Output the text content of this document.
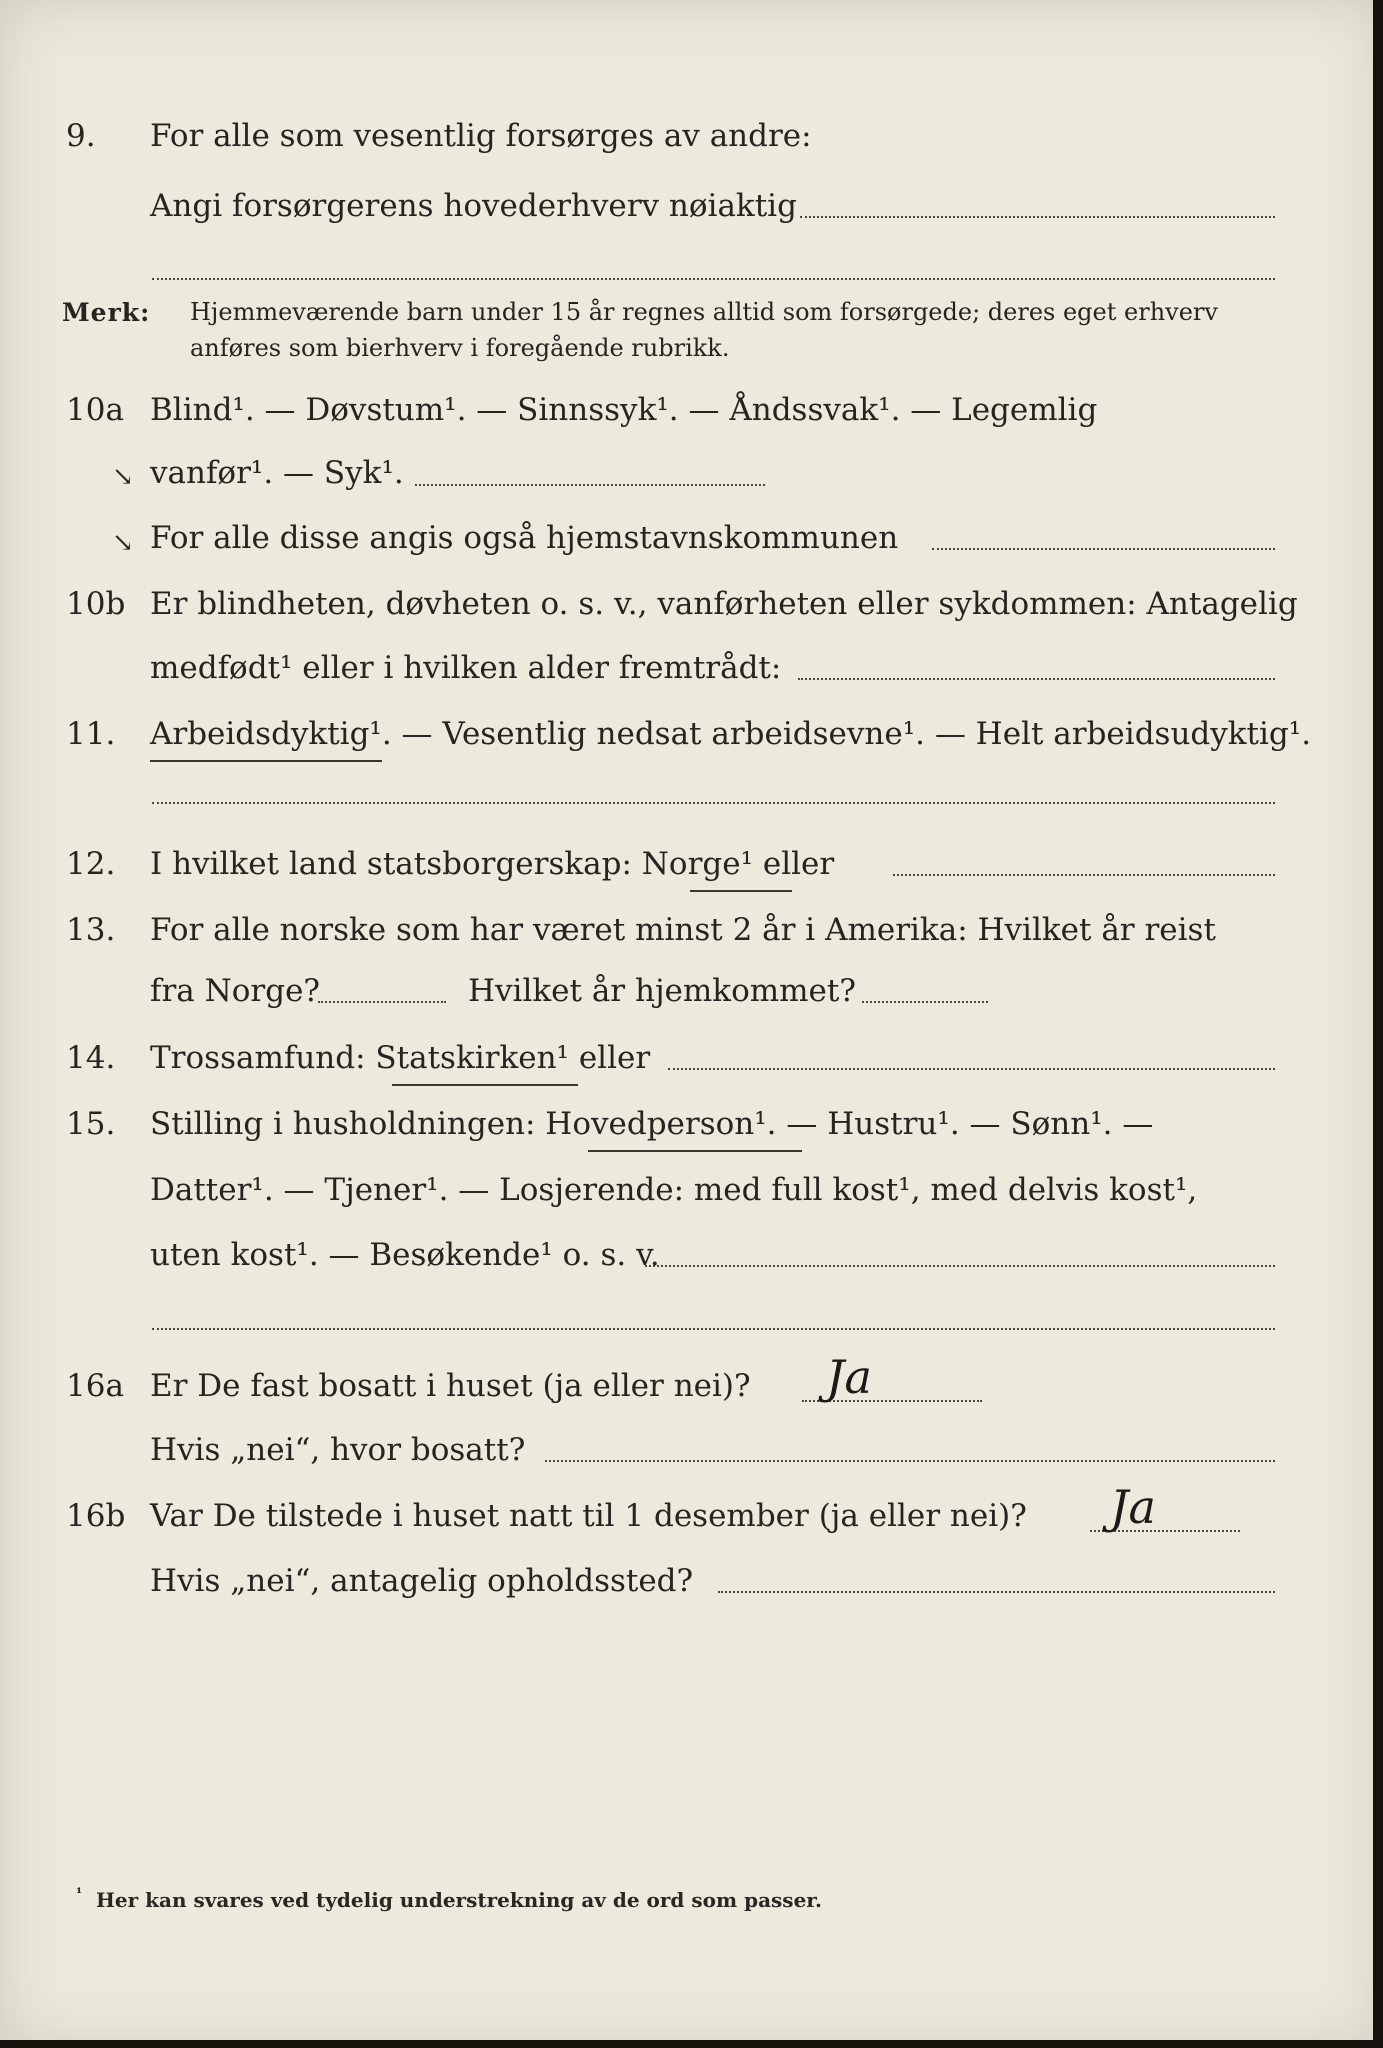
9. For alle som vesentlig forsørges av andre:
Angi forsørgerens hovederhverv nøiaktig
Merk: Hjemmeværende barn under 15 år regnes alltid som forsørgede; deres eget erhverv
anføres som bierhverv i foregående rubrikk.
10a Blind¹. — Døvstum¹. — Sinnssyk¹. — Åndssvak¹. — Legemlig
vanfør¹. — Syk¹.
↘
↘ For alle disse angis også hjemstavnskommunen
10b Er blindheten, døvheten o. s. v., vanførheten eller sykdommen: Antagelig
medfødt¹ eller i hvilken alder fremtrådt:
11. Arbeidsdyktig¹. — Vesentlig nedsat arbeidsevne¹. — Helt arbeidsudyktig¹.
12. I hvilket land statsborgerskap: Norge¹ eller
13. For alle norske som har været minst 2 år i Amerika: Hvilket år reist
fra Norge?	Hvilket år hjemkommet?
14. Trossamfund: Statskirken¹ eller
15. Stilling i husholdningen: Hovedperson¹. — Hustru¹. — Sønn¹. —
Datter¹. — Tjener¹. — Losjerende: med full kost¹, med delvis kost¹,
uten kost¹. — Besøkende¹ o. s. v.
16a Er De fast bosatt i huset (ja eller nei)? Ja
Hvis „nei“, hvor bosatt?
16b Var De tilstede i huset natt til 1 desember (ja eller nei)? Ja
Hvis „nei“, antagelig opholdssted?
¹ Her kan svares ved tydelig understrekning av de ord som passer.
